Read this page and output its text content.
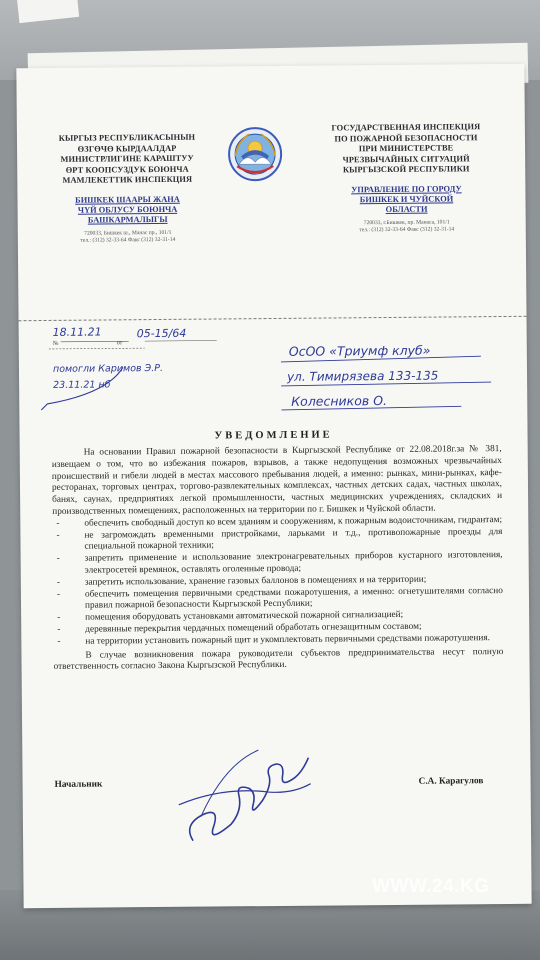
КЫРГЫЗ РЕСПУБЛИКАСЫНЫН
ӨЗГӨЧӨ КЫРДААЛДАР
МИНИСТРЛИГИНЕ КАРАШТУУ
ӨРТ КООПСУЗДУК БОЮНЧА
МАМЛЕКЕТТИК ИНСПЕКЦИЯ
БИШКЕК ШААРЫ ЖАНА
ЧҮЙ ОБЛУСУ БОЮНЧА
БАШКАРМАЛЫГЫ
720033, Бишкек ш., Манас пр., 101/1
тел.: (312) 32-33-64 Факс (312) 32-31-14
ГОСУДАРСТВЕННАЯ ИНСПЕКЦИЯ
ПО ПОЖАРНОЙ БЕЗОПАСНОСТИ
ПРИ МИНИСТЕРСТВЕ
ЧРЕЗВЫЧАЙНЫХ СИТУАЦИЙ
КЫРГЫЗСКОЙ РЕСПУБЛИКИ
УПРАВЛЕНИЕ ПО ГОРОДУ
БИШКЕК И ЧУЙСКОЙ
ОБЛАСТИ
720033, г.Бишкек, пр. Манаса, 101/1
тел.: (312) 32-33-64 Факс (312) 32-31-14
18.11.21	05-15/64
№	от
помогли Каримов Э.Р.
23.11.21 нб
ОсОО «Триумф клуб»
ул. Тимирязева 133-135
Колесников О.
УВЕДОМЛЕНИЕ

На основании Правил пожарной безопасности в Кыргызской Республике от 22.08.2018г.за № 381, извещаем о том, что во избежания пожаров, взрывов, а также недопущения возможных чрезвычайных происшествий и гибели людей в местах массового пребывания людей, а именно: рынках, мини-рынках, кафе-ресторанах, торговых центрах, торгово-развлекательных комплексах, частных детских садах, частных школах, банях, саунах, предприятиях легкой промышленности, частных медицинских учреждениях, складских и производственных помещениях, расположенных на территории по г. Бишкек и Чуйской области.

- обеспечить свободный доступ ко всем зданиям и сооружениям, к пожарным водоисточникам, гидрантам;
- не загромождать временными пристройками, ларьками и т.д., противопожарные проезды для специальной пожарной техники;
- запретить применение и использование электронагревательных приборов кустарного изготовления, электросетей времянок, оставлять оголенные провода;
- запретить использование, хранение газовых баллонов в помещениях и на территории;
- обеспечить помещения первичными средствами пожаротушения, а именно: огнетушителями согласно правил пожарной безопасности Кыргызской Республики;
- помещения оборудовать установками автоматической пожарной сигнализацией;
- деревянные перекрытия чердачных помещений обработать огнезащитным составом;
- на территории установить пожарный щит и укомплектовать первичными средствами пожаротушения.

В случае возникновения пожара руководители субъектов предпринимательства несут полную ответственность согласно Закона Кыргызской Республики.

Начальник	С.А. Карагулов
WWW.24.KG
